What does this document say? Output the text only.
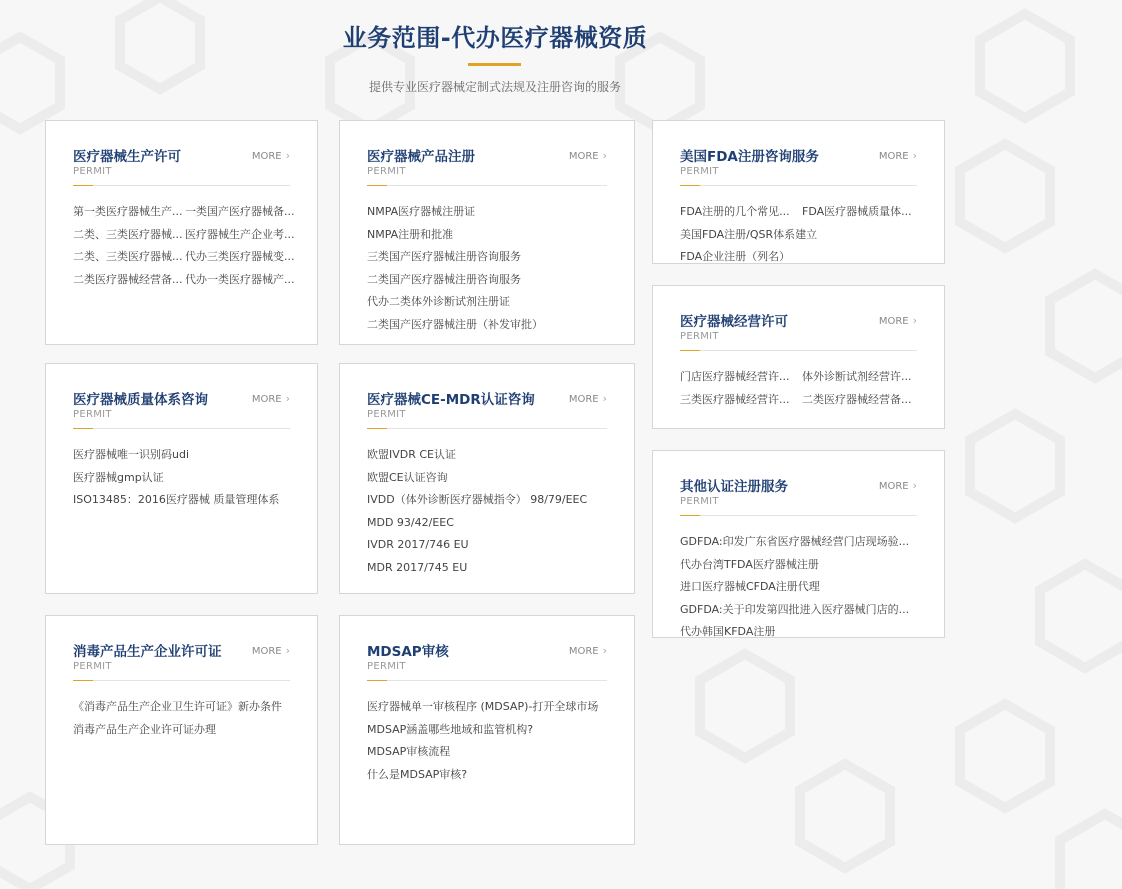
业务范围-代办医疗器械资质
提供专业医疗器械定制式法规及注册咨询的服务
医疗器械生产许可
PERMIT
MORE ›
第一类医疗器械生产... 一类国产医疗器械备...
二类、三类医疗器械... 医疗器械生产企业考...
二类、三类医疗器械... 代办三类医疗器械变...
二类医疗器械经营备... 代办一类医疗器械产...
医疗器械产品注册
PERMIT
MORE ›
NMPA医疗器械注册证
NMPA注册和批准
三类国产医疗器械注册咨询服务
二类国产医疗器械注册咨询服务
代办二类体外诊断试剂注册证
二类国产医疗器械注册（补发审批）
美国FDA注册咨询服务
PERMIT
MORE ›
FDA注册的几个常见...	FDA医疗器械质量体...
美国FDA注册/QSR体系建立
FDA企业注册（列名）
医疗器械经营许可
PERMIT
MORE ›
门店医疗器械经营许...	体外诊断试剂经营许...
三类医疗器械经营许...	二类医疗器械经营备...
医疗器械质量体系咨询
PERMIT
MORE ›
医疗器械唯一识别码udi
医疗器械gmp认证
ISO13485：2016医疗器械 质量管理体系
医疗器械CE-MDR认证咨询
PERMIT
MORE ›
欧盟IVDR CE认证
欧盟CE认证咨询
IVDD（体外诊断医疗器械指令） 98/79/EEC
MDD 93/42/EEC
IVDR 2017/746 EU
MDR 2017/745 EU
其他认证注册服务
PERMIT
MORE ›
GDFDA:印发广东省医疗器械经营门店现场验...
代办台湾TFDA医疗器械注册
进口医疗器械CFDA注册代理
GDFDA:关于印发第四批进入医疗器械门店的...
代办韩国KFDA注册
消毒产品生产企业许可证
PERMIT
MORE ›
《消毒产品生产企业卫生许可证》新办条件
消毒产品生产企业许可证办理
MDSAP审核
PERMIT
MORE ›
医疗器械单一审核程序 (MDSAP)-打开全球市场
MDSAP涵盖哪些地域和监管机构?
MDSAP审核流程
什么是MDSAP审核?
